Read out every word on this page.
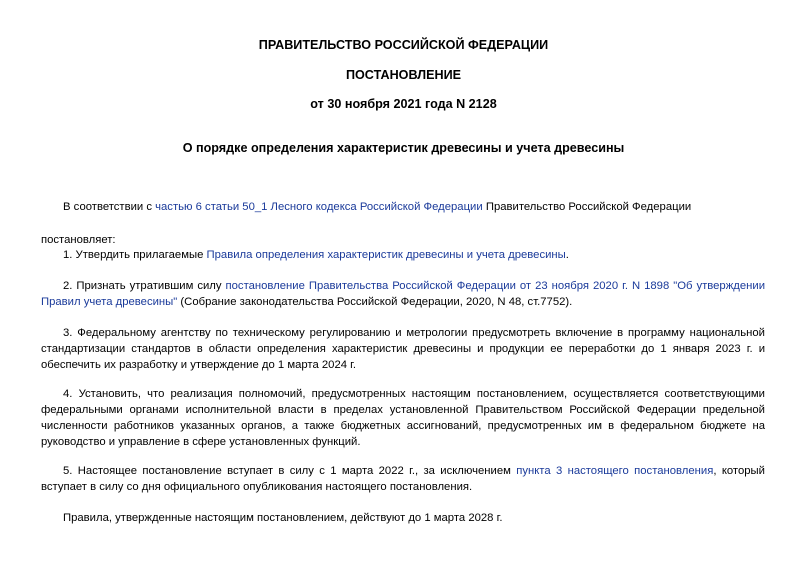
ПРАВИТЕЛЬСТВО РОССИЙСКОЙ ФЕДЕРАЦИИ
ПОСТАНОВЛЕНИЕ
от 30 ноября 2021 года N 2128
О порядке определения характеристик древесины и учета древесины
В соответствии с частью 6 статьи 50_1 Лесного кодекса Российской Федерации Правительство Российской Федерации
постановляет:
1. Утвердить прилагаемые Правила определения характеристик древесины и учета древесины.
2. Признать утратившим силу постановление Правительства Российской Федерации от 23 ноября 2020 г. N 1898 "Об утверждении Правил учета древесины" (Собрание законодательства Российской Федерации, 2020, N 48, ст.7752).
3. Федеральному агентству по техническому регулированию и метрологии предусмотреть включение в программу национальной стандартизации стандартов в области определения характеристик древесины и продукции ее переработки до 1 января 2023 г. и обеспечить их разработку и утверждение до 1 марта 2024 г.
4. Установить, что реализация полномочий, предусмотренных настоящим постановлением, осуществляется соответствующими федеральными органами исполнительной власти в пределах установленной Правительством Российской Федерации предельной численности работников указанных органов, а также бюджетных ассигнований, предусмотренных им в федеральном бюджете на руководство и управление в сфере установленных функций.
5. Настоящее постановление вступает в силу с 1 марта 2022 г., за исключением пункта 3 настоящего постановления, который вступает в силу со дня официального опубликования настоящего постановления.
Правила, утвержденные настоящим постановлением, действуют до 1 марта 2028 г.
